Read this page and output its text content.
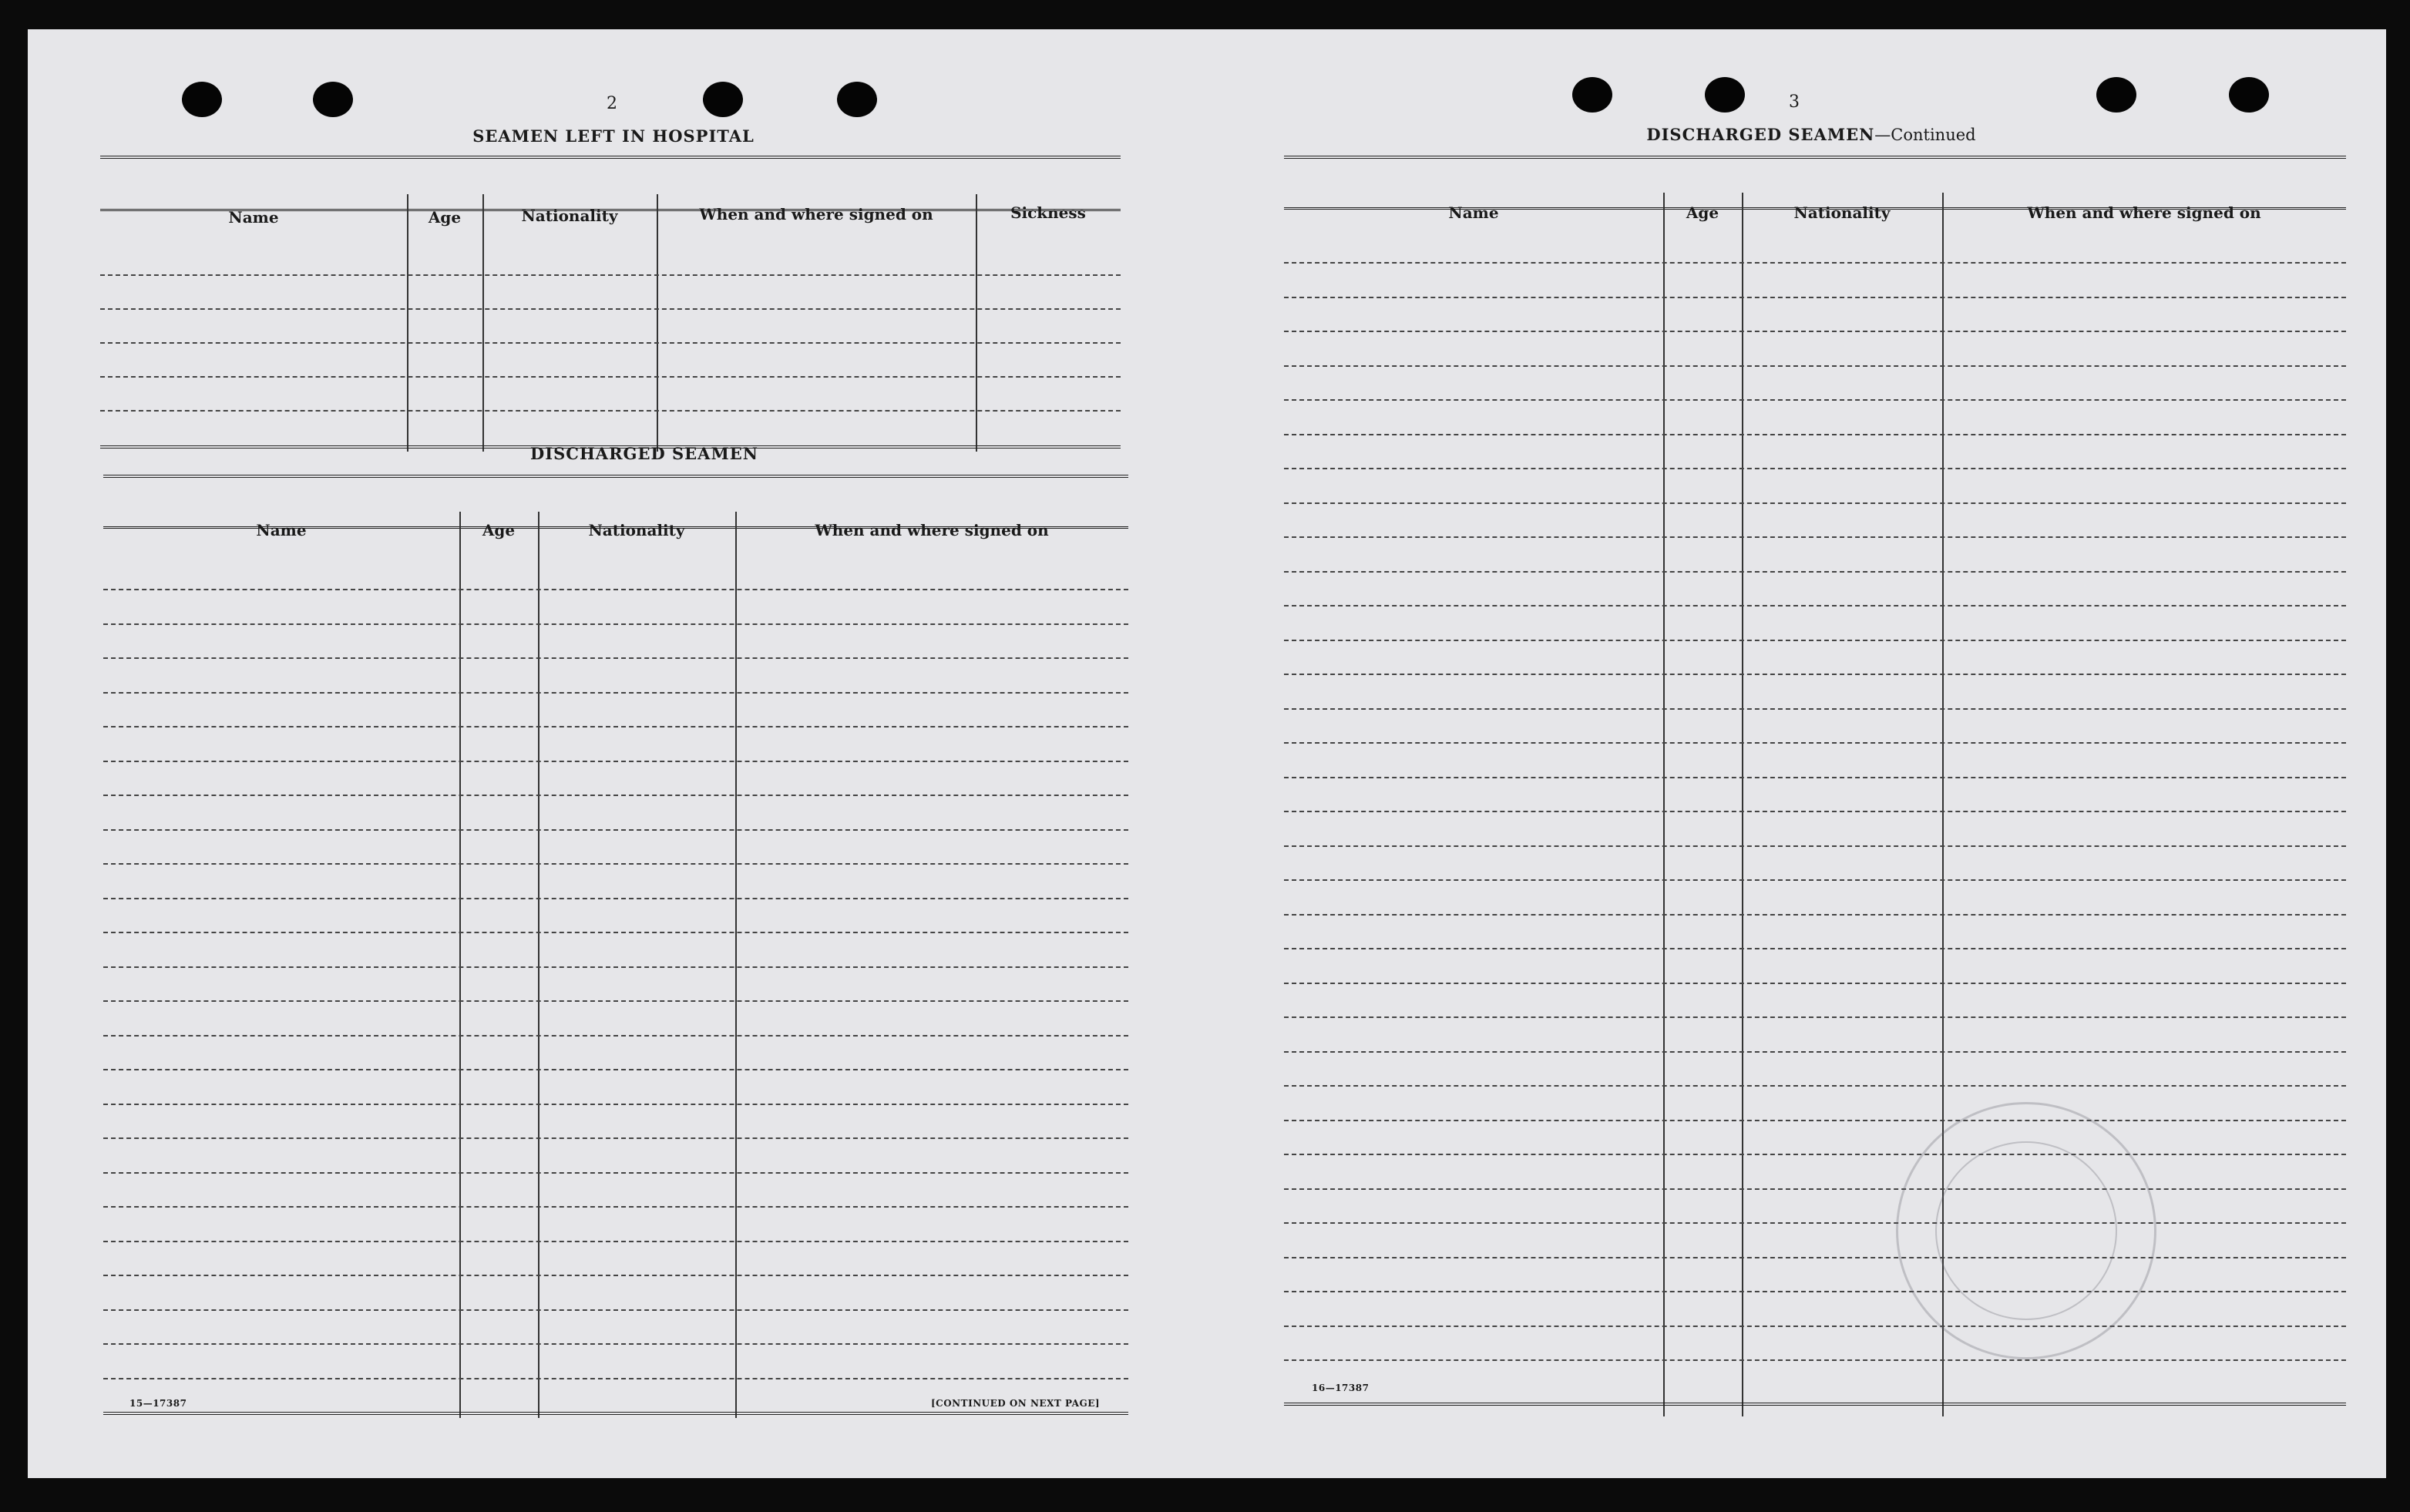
2
SEAMEN LEFT IN HOSPITAL
Name	Age	Nationality	When and where signed on	Sickness
DISCHARGED SEAMEN
Name	Age	Nationality	When and where signed on
15—17387	[CONTINUED ON NEXT PAGE]
3
DISCHARGED SEAMEN—Continued
Name	Age	Nationality	When and where signed on
16—17387
